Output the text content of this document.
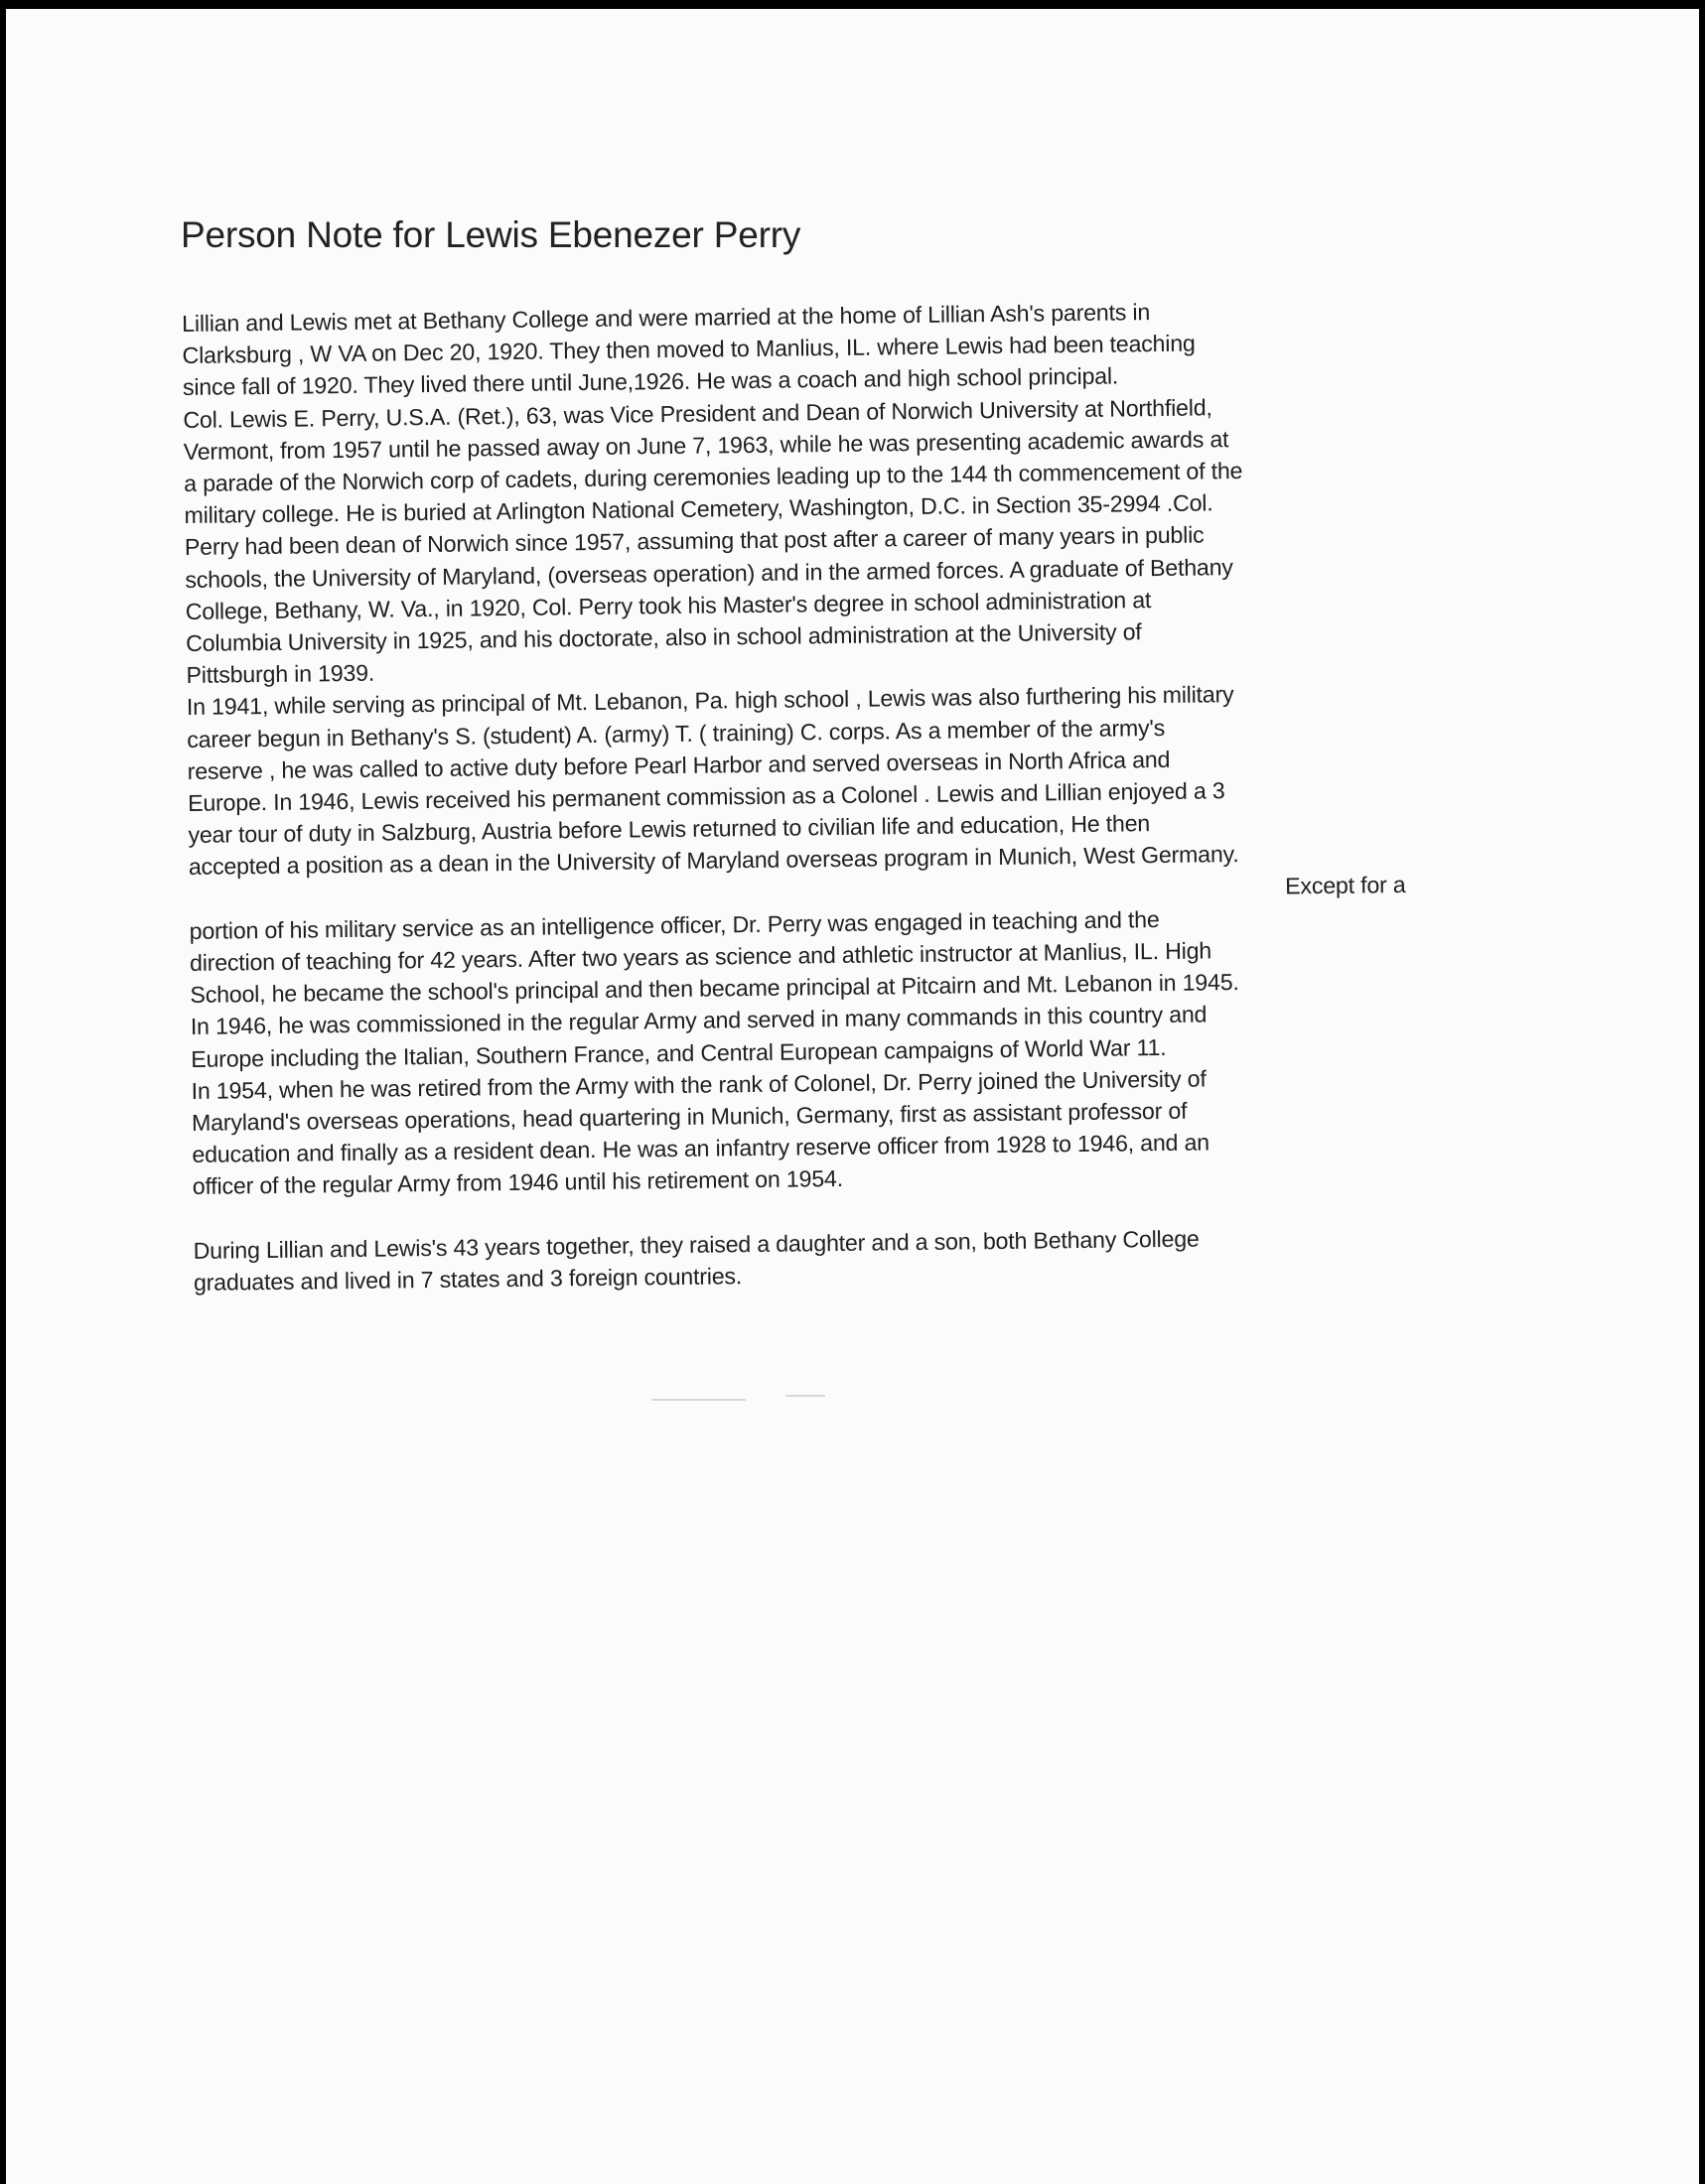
Person Note for Lewis Ebenezer Perry
Lillian and Lewis met at Bethany College and were married at the home of Lillian Ash's parents in
Clarksburg , W VA on Dec 20, 1920. They then moved to Manlius, IL. where Lewis had been teaching
since fall of 1920. They lived there until June,1926. He was a coach and high school principal.
Col. Lewis E. Perry, U.S.A. (Ret.), 63, was Vice President and Dean of Norwich University at Northfield,
Vermont, from 1957 until he passed away on June 7, 1963, while he was presenting academic awards at
a parade of the Norwich corp of cadets, during ceremonies leading up to the 144 th commencement of the
military college. He is buried at Arlington National Cemetery, Washington, D.C. in Section 35-2994 .Col.
Perry had been dean of Norwich since 1957, assuming that post after a career of many years in public
schools, the University of Maryland, (overseas operation) and in the armed forces. A graduate of Bethany
College, Bethany, W. Va., in 1920, Col. Perry took his Master's degree in school administration at
Columbia University in 1925, and his doctorate, also in school administration at the University of
Pittsburgh in 1939.
In 1941, while serving as principal of Mt. Lebanon, Pa. high school , Lewis was also furthering his military
career begun in Bethany's S. (student) A. (army) T. ( training) C. corps. As a member of the army's
reserve , he was called to active duty before Pearl Harbor and served overseas in North Africa and
Europe. In 1946, Lewis received his permanent commission as a Colonel . Lewis and Lillian enjoyed a 3
year tour of duty in Salzburg, Austria before Lewis returned to civilian life and education, He then
accepted a position as a dean in the University of Maryland overseas program in Munich, West Germany.
Except for a
portion of his military service as an intelligence officer, Dr. Perry was engaged in teaching and the
direction of teaching for 42 years. After two years as science and athletic instructor at Manlius, IL. High
School, he became the school's principal and then became principal at Pitcairn and Mt. Lebanon in 1945.
In 1946, he was commissioned in the regular Army and served in many commands in this country and
Europe including the Italian, Southern France, and Central European campaigns of World War 11.
In 1954, when he was retired from the Army with the rank of Colonel, Dr. Perry joined the University of
Maryland's overseas operations, head quartering in Munich, Germany, first as assistant professor of
education and finally as a resident dean. He was an infantry reserve officer from 1928 to 1946, and an
officer of the regular Army from 1946 until his retirement on 1954.
During Lillian and Lewis's 43 years together, they raised a daughter and a son, both Bethany College
graduates and lived in 7 states and 3 foreign countries.
